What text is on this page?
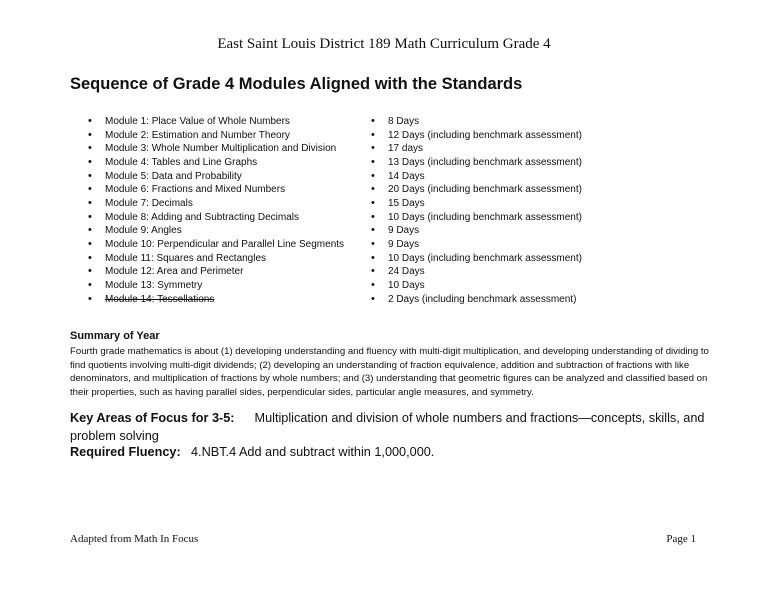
East Saint Louis District 189 Math Curriculum Grade 4
Sequence of Grade 4 Modules Aligned with the Standards
• Module 1: Place Value of Whole Numbers
• Module 2: Estimation and Number Theory
• Module 3: Whole Number Multiplication and Division
• Module 4: Tables and Line Graphs
• Module 5: Data and Probability
• Module 6: Fractions and Mixed Numbers
• Module 7: Decimals
• Module 8: Adding and Subtracting Decimals
• Module 9: Angles
• Module 10: Perpendicular and Parallel Line Segments
• Module 11: Squares and Rectangles
• Module 12: Area and Perimeter
• Module 13: Symmetry
• Module 14: Tessellations
• 8 Days
• 12 Days (including benchmark assessment)
• 17 days
• 13 Days (including benchmark assessment)
• 14 Days
• 20 Days (including benchmark assessment)
• 15 Days
• 10 Days (including benchmark assessment)
• 9 Days
• 9 Days
• 10 Days (including benchmark assessment)
• 24 Days
• 10 Days
• 2 Days (including benchmark assessment)
Summary of Year
Fourth grade mathematics is about (1) developing understanding and fluency with multi-digit multiplication, and developing understanding of dividing to find quotients involving multi-digit dividends; (2) developing an understanding of fraction equivalence, addition and subtraction of fractions with like denominators, and multiplication of fractions by whole numbers; and (3) understanding that geometric figures can be analyzed and classified based on their properties, such as having parallel sides, perpendicular sides, particular angle measures, and symmetry.
Key Areas of Focus for 3-5: Multiplication and division of whole numbers and fractions—concepts, skills, and problem solving
Required Fluency: 4.NBT.4 Add and subtract within 1,000,000.
Adapted from Math In Focus	Page 1
